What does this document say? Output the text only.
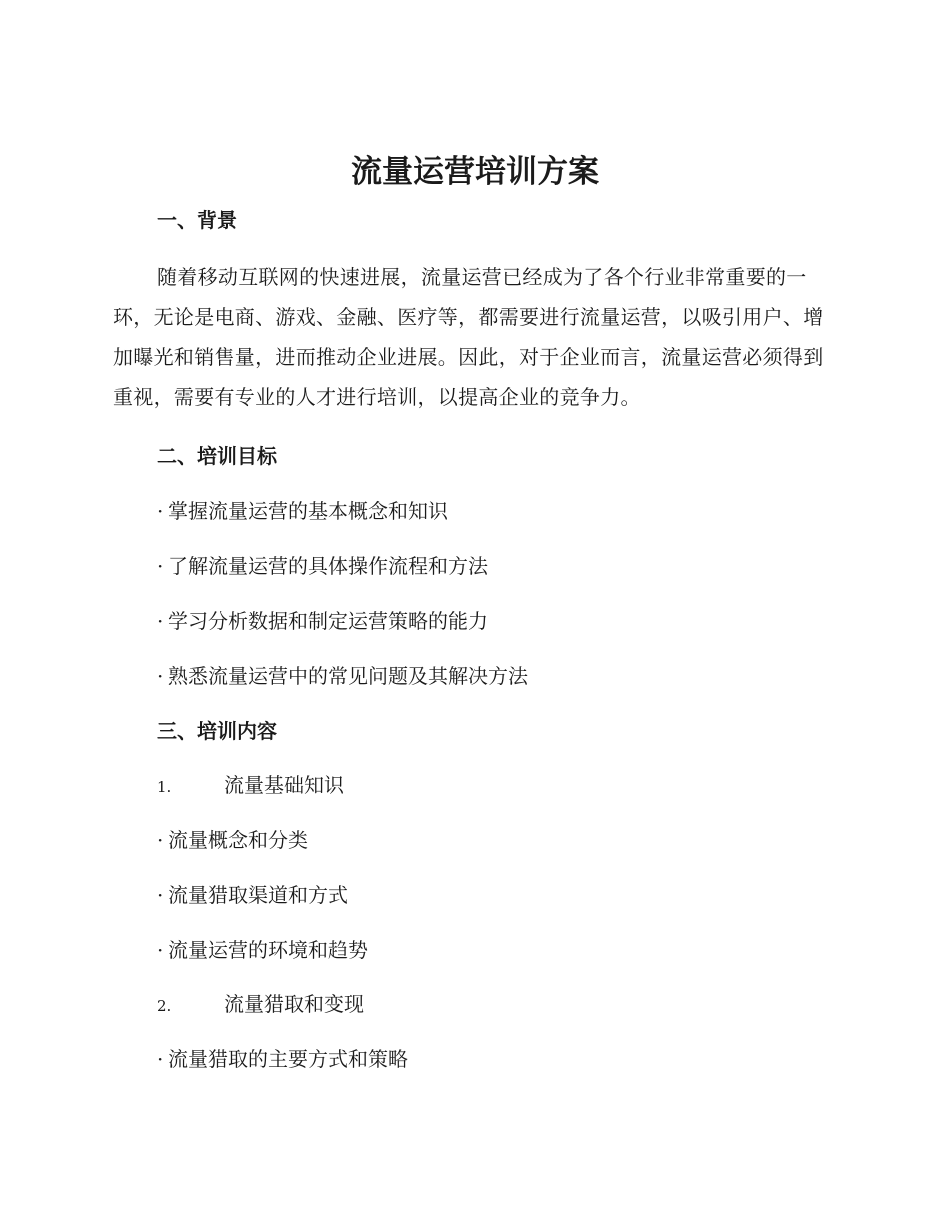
流量运营培训方案
一、背景

随着移动互联网的快速进展，流量运营已经成为了各个行业非常重要的一环，无论是电商、游戏、金融、医疗等，都需要进行流量运营，以吸引用户、增加曝光和销售量，进而推动企业进展。因此，对于企业而言，流量运营必须得到重视，需要有专业的人才进行培训，以提高企业的竞争力。

二、培训目标
· 掌握流量运营的基本概念和知识
· 了解流量运营的具体操作流程和方法
· 学习分析数据和制定运营策略的能力
· 熟悉流量运营中的常见问题及其解决方法
三、培训内容
1.	流量基础知识
· 流量概念和分类
· 流量猎取渠道和方式
· 流量运营的环境和趋势
2.	流量猎取和变现
· 流量猎取的主要方式和策略
